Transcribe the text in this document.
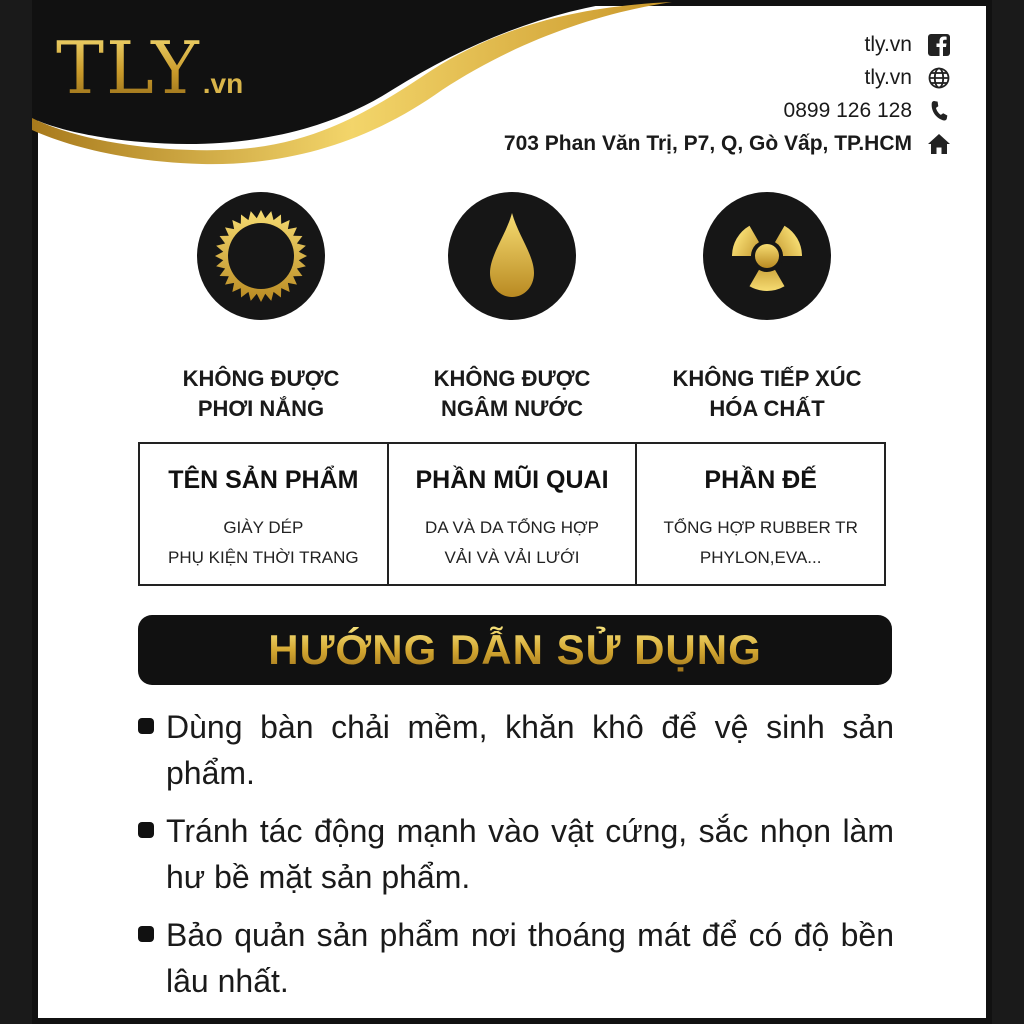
TLY .vn
tly.vn
tly.vn
0899 126 128
703 Phan Văn Trị, P7, Q, Gò Vấp, TP.HCM
KHÔNG ĐƯỢC
PHƠI NẮNG
KHÔNG ĐƯỢC
NGÂM NƯỚC
KHÔNG TIẾP XÚC
HÓA CHẤT
TÊN SẢN PHẨM
GIÀY DÉP
PHỤ KIỆN THỜI TRANG
PHẦN MŨI QUAI
DA VÀ DA TỔNG HỢP
VẢI VÀ VẢI LƯỚI
PHẦN ĐẾ
TỔNG HỢP RUBBER TR
PHYLON,EVA...
HƯỚNG DẪN SỬ DỤNG
Dùng bàn chải mềm, khăn khô để vệ sinh sản phẩm.
Tránh tác động mạnh vào vật cứng, sắc nhọn làm hư bề mặt sản phẩm.
Bảo quản sản phẩm nơi thoáng mát để có độ bền lâu nhất.
